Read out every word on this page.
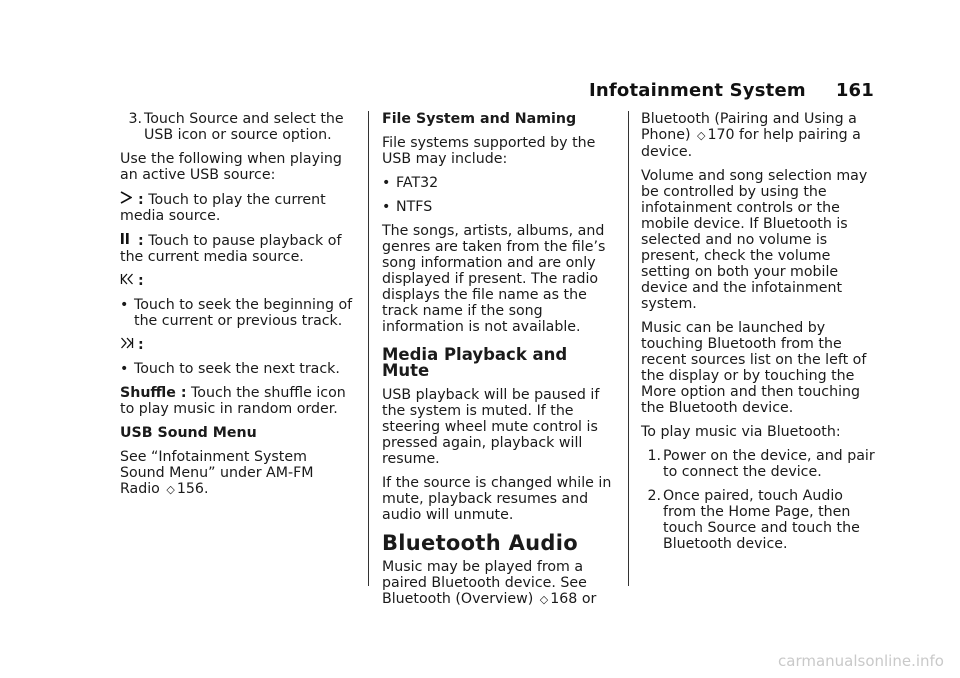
Infotainment System 161
3. Touch Source and select the USB icon or source option.

Use the following when playing an active USB source:

: Touch to play the current media source.

: Touch to pause playback of the current media source.

:

• Touch to seek the beginning of the current or previous track.

:

• Touch to seek the next track.

Shuffle : Touch the shuffle icon to play music in random order.

USB Sound Menu

See “Infotainment System Sound Menu” under AM-FM Radio ◇ 156.

File System and Naming

File systems supported by the USB may include:

• FAT32
• NTFS

The songs, artists, albums, and genres are taken from the file’s song information and are only displayed if present. The radio displays the file name as the track name if the song information is not available.

Media Playback and Mute

USB playback will be paused if the system is muted. If the steering wheel mute control is pressed again, playback will resume.

If the source is changed while in mute, playback resumes and audio will unmute.

Bluetooth Audio

Music may be played from a paired Bluetooth device. See Bluetooth (Overview) ◇ 168 or

Bluetooth (Pairing and Using a Phone) ◇ 170 for help pairing a device.

Volume and song selection may be controlled by using the infotainment controls or the mobile device. If Bluetooth is selected and no volume is present, check the volume setting on both your mobile device and the infotainment system.

Music can be launched by touching Bluetooth from the recent sources list on the left of the display or by touching the More option and then touching the Bluetooth device.

To play music via Bluetooth:

1. Power on the device, and pair to connect the device.
2. Once paired, touch Audio from the Home Page, then touch Source and touch the Bluetooth device.
carmanualsonline.info
